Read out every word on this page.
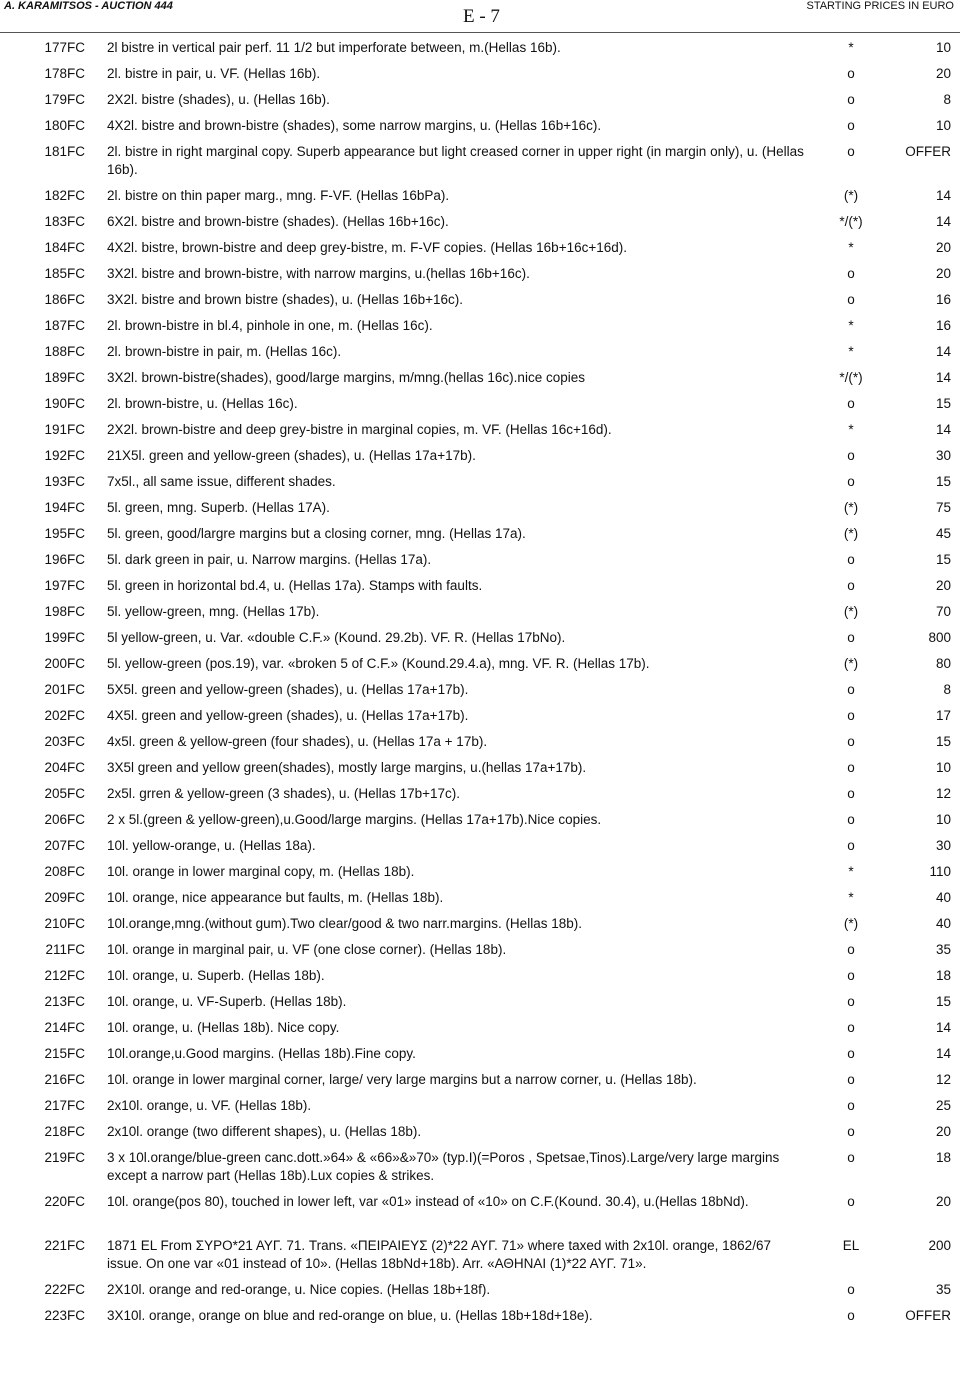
A. KARAMITSOS - AUCTION 444	E - 7	STARTING PRICES IN EURO
177	FC	2l bistre in vertical pair perf. 11 1/2 but imperforate between, m.(Hellas 16b).	*	10
178	FC	2l. bistre in pair, u. VF. (Hellas 16b).	o	20
179	FC	2X2l. bistre (shades), u. (Hellas 16b).	o	8
180	FC	4X2l. bistre and brown-bistre (shades), some narrow margins, u. (Hellas 16b+16c).	o	10
181	FC	2l. bistre in right marginal copy. Superb appearance but light creased corner in upper right (in margin only), u. (Hellas 16b).	o	OFFER
182	FC	2l. bistre on thin paper marg., mng. F-VF. (Hellas 16bPa).	(*)	14
183	FC	6X2l. bistre and brown-bistre (shades). (Hellas 16b+16c).	*/(*)	14
184	FC	4X2l. bistre, brown-bistre and deep grey-bistre, m. F-VF copies. (Hellas 16b+16c+16d).	*	20
185	FC	3X2l. bistre and brown-bistre, with narrow margins, u.(hellas 16b+16c).	o	20
186	FC	3X2l. bistre and brown bistre (shades), u. (Hellas 16b+16c).	o	16
187	FC	2l. brown-bistre in bl.4, pinhole in one, m. (Hellas 16c).	*	16
188	FC	2l. brown-bistre in pair, m. (Hellas 16c).	*	14
189	FC	3X2l. brown-bistre(shades), good/large margins, m/mng.(hellas 16c).nice copies	*/(*)	14
190	FC	2l. brown-bistre, u. (Hellas 16c).	o	15
191	FC	2X2l. brown-bistre and deep grey-bistre in marginal copies, m. VF. (Hellas 16c+16d).	*	14
192	FC	21X5l. green and yellow-green (shades), u. (Hellas 17a+17b).	o	30
193	FC	7x5l., all same issue, different shades.	o	15
194	FC	5l. green, mng. Superb. (Hellas 17A).	(*)	75
195	FC	5l. green, good/largre margins but a closing corner, mng. (Hellas 17a).	(*)	45
196	FC	5l. dark green in pair, u. Narrow margins. (Hellas 17a).	o	15
197	FC	5l. green in horizontal bd.4, u. (Hellas 17a). Stamps with faults.	o	20
198	FC	5l. yellow-green, mng. (Hellas 17b).	(*)	70
199	FC	5l yellow-green, u. Var. «double C.F.» (Kound. 29.2b). VF. R. (Hellas 17bNo).	o	800
200	FC	5l. yellow-green (pos.19), var. «broken 5 of C.F.» (Kound.29.4.a), mng. VF. R. (Hellas 17b).	(*)	80
201	FC	5X5l. green and yellow-green (shades), u. (Hellas 17a+17b).	o	8
202	FC	4X5l. green and yellow-green (shades), u. (Hellas 17a+17b).	o	17
203	FC	4x5l. green & yellow-green (four shades), u. (Hellas 17a + 17b).	o	15
204	FC	3X5l green and yellow green(shades), mostly large margins, u.(hellas 17a+17b).	o	10
205	FC	2x5l. grren & yellow-green (3 shades), u. (Hellas 17b+17c).	o	12
206	FC	2 x 5l.(green & yellow-green),u.Good/large margins. (Hellas 17a+17b).Nice copies.	o	10
207	FC	10l. yellow-orange, u. (Hellas 18a).	o	30
208	FC	10l. orange in lower marginal copy, m. (Hellas 18b).	*	110
209	FC	10l. orange, nice appearance but faults, m. (Hellas 18b).	*	40
210	FC	10l.orange,mng.(without gum).Two clear/good & two narr.margins. (Hellas 18b).	(*)	40
211	FC	10l. orange in marginal pair, u. VF (one close corner). (Hellas 18b).	o	35
212	FC	10l. orange, u. Superb. (Hellas 18b).	o	18
213	FC	10l. orange, u. VF-Superb. (Hellas 18b).	o	15
214	FC	10l. orange, u. (Hellas 18b). Nice copy.	o	14
215	FC	10l.orange,u.Good margins. (Hellas 18b).Fine copy.	o	14
216	FC	10l. orange in lower marginal corner, large/ very large margins but a narrow corner, u. (Hellas 18b).	o	12
217	FC	2x10l. orange, u. VF. (Hellas 18b).	o	25
218	FC	2x10l. orange (two different shapes), u. (Hellas 18b).	o	20
219	FC	3 x 10l.orange/blue-green canc.dott.»64» & «66»&»70» (typ.I)(=Poros , Spetsae,Tinos).Large/very large margins except a narrow part (Hellas 18b).Lux copies & strikes.	o	18
220	FC	10l. orange(pos 80), touched in lower left, var «01» instead of «10» on C.F.(Kound. 30.4), u.(Hellas 18bNd).	o	20
221	FC	1871 EL From ΣΥΡΟ*21 ΑΥΓ. 71. Trans. «ΠΕΙΡΑΙΕΥΣ (2)*22 ΑΥΓ. 71» where taxed with 2x10l. orange, 1862/67 issue. On one var «01 instead of 10». (Hellas 18bNd+18b). Arr. «ΑΘΗΝΑΙ (1)*22 ΑΥΓ. 71».	EL	200
222	FC	2X10l. orange and red-orange, u. Nice copies. (Hellas 18b+18f).	o	35
223	FC	3X10l. orange, orange on blue and red-orange on blue, u. (Hellas 18b+18d+18e).	o	OFFER
